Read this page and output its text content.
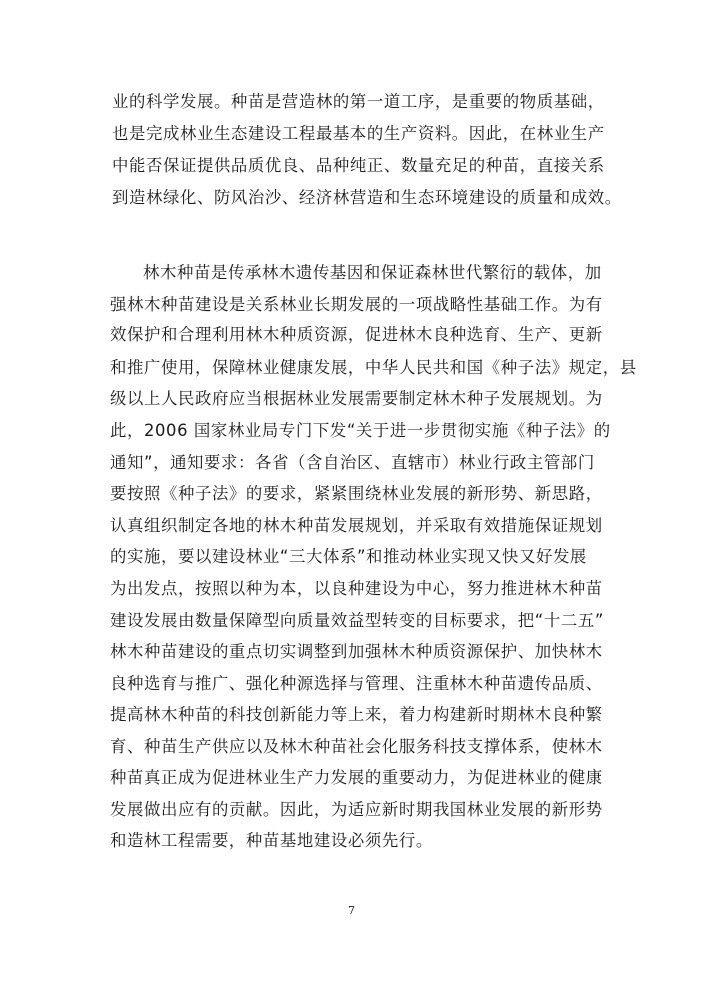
业的科学发展。种苗是营造林的第一道工序，是重要的物质基础，
也是完成林业生态建设工程最基本的生产资料。因此，在林业生产
中能否保证提供品质优良、品种纯正、数量充足的种苗，直接关系
到造林绿化、防风治沙、经济林营造和生态环境建设的质量和成效。
林木种苗是传承林木遗传基因和保证森林世代繁衍的载体，加
强林木种苗建设是关系林业长期发展的一项战略性基础工作。为有
效保护和合理利用林木种质资源，促进林木良种选育、生产、更新
和推广使用，保障林业健康发展，中华人民共和国《种子法》规定，县
级以上人民政府应当根据林业发展需要制定林木种子发展规划。为
此，2006 国家林业局专门下发“关于进一步贯彻实施《种子法》的
通知”，通知要求：各省（含自治区、直辖市）林业行政主管部门
要按照《种子法》的要求，紧紧围绕林业发展的新形势、新思路，
认真组织制定各地的林木种苗发展规划，并采取有效措施保证规划
的实施，要以建设林业“三大体系”和推动林业实现又快又好发展
为出发点，按照以种为本，以良种建设为中心，努力推进林木种苗
建设发展由数量保障型向质量效益型转变的目标要求，把“十二五”
林木种苗建设的重点切实调整到加强林木种质资源保护、加快林木
良种选育与推广、强化种源选择与管理、注重林木种苗遗传品质、
提高林木种苗的科技创新能力等上来，着力构建新时期林木良种繁
育、种苗生产供应以及林木种苗社会化服务科技支撑体系，使林木
种苗真正成为促进林业生产力发展的重要动力，为促进林业的健康
发展做出应有的贡献。因此，为适应新时期我国林业发展的新形势
和造林工程需要，种苗基地建设必须先行。
7
